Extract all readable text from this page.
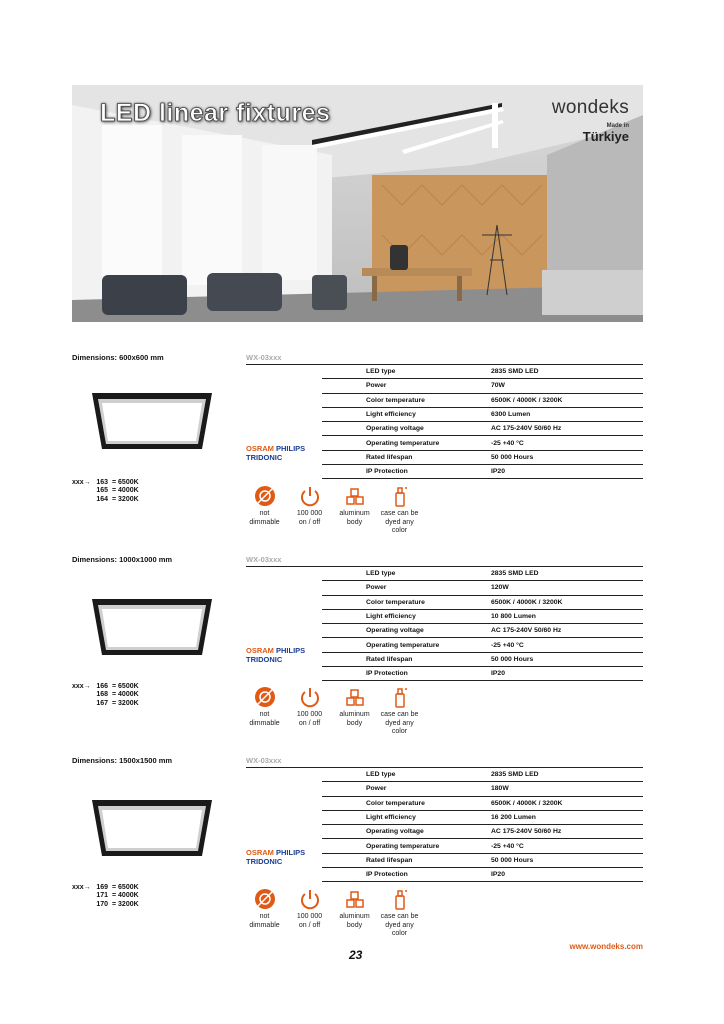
LED linear fixtures	wondeks
Made in
Türkiye
Dimensions: 600x600 mm	WX-03xxx
xxx→ 163 = 6500K
165 = 4000K
164 = 3200K
OSRAM PHILIPS
TRIDONIC
LED type	2835 SMD LED
Power	70W
Color temperature	6500K / 4000K / 3200K
Light efficiency	6300 Lumen
Operating voltage	AC 175-240V 50/60 Hz
Operating temperature	-25 +40 °C
Rated lifespan	50 000 Hours
IP Protection	IP20
not
dimmable
100 000
on / off
aluminum
body
case can be
dyed any color
Dimensions: 1000x1000 mm	WX-03xxx
xxx→ 166 = 6500K
168 = 4000K
167 = 3200K
OSRAM PHILIPS
TRIDONIC
LED type	2835 SMD LED
Power	120W
Color temperature	6500K / 4000K / 3200K
Light efficiency	10 800 Lumen
Operating voltage	AC 175-240V 50/60 Hz
Operating temperature	-25 +40 °C
Rated lifespan	50 000 Hours
IP Protection	IP20
not
dimmable
100 000
on / off
aluminum
body
case can be
dyed any color
Dimensions: 1500x1500 mm	WX-03xxx
xxx→ 169 = 6500K
171 = 4000K
170 = 3200K
OSRAM PHILIPS
TRIDONIC
LED type	2835 SMD LED
Power	180W
Color temperature	6500K / 4000K / 3200K
Light efficiency	16 200 Lumen
Operating voltage	AC 175-240V 50/60 Hz
Operating temperature	-25 +40 °C
Rated lifespan	50 000 Hours
IP Protection	IP20
not
dimmable
100 000
on / off
aluminum
body
case can be
dyed any color
www.wondeks.com
23
